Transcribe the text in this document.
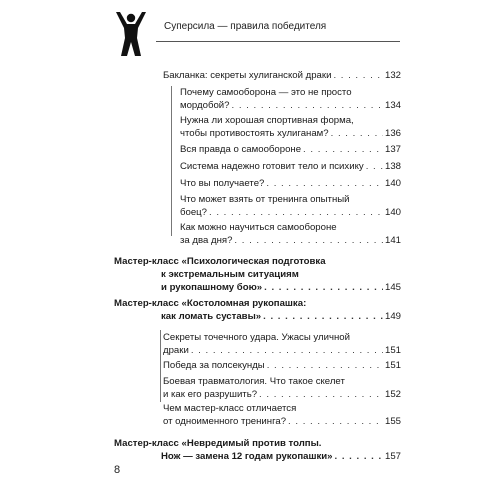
Суперсила — правила победителя
Бакланка: секреты хулиганской драки . . .	132
Почему самооборона — это не просто
мордобой? . . .	134
Нужна ли хорошая спортивная форма,
чтобы противостоять хулиганам? . . .	136
Вся правда о самообороне . . .	137
Система надежно готовит тело и психику . . . 138
Что вы получаете? . . .	140
Что может взять от тренинга опытный
боец? . . .	140
Как можно научиться самообороне
за два дня? . . .	141
Мастер-класс «Психологическая подготовка
к экстремальным ситуациям
и рукопашному бою» . . .	145
Мастер-класс «Костоломная рукопашка:
как ломать суставы» . . .	149
Секреты точечного удара. Ужасы уличной
драки . . .	151
Победа за полсекунды . . .	151
Боевая травматология. Что такое скелет
и как его разрушить? . . .	152
Чем мастер-класс отличается
от одноименного тренинга? . . .	155
Мастер-класс «Невредимый против толпы.
Нож — замена 12 годам рукопашки» . . .	157
8
